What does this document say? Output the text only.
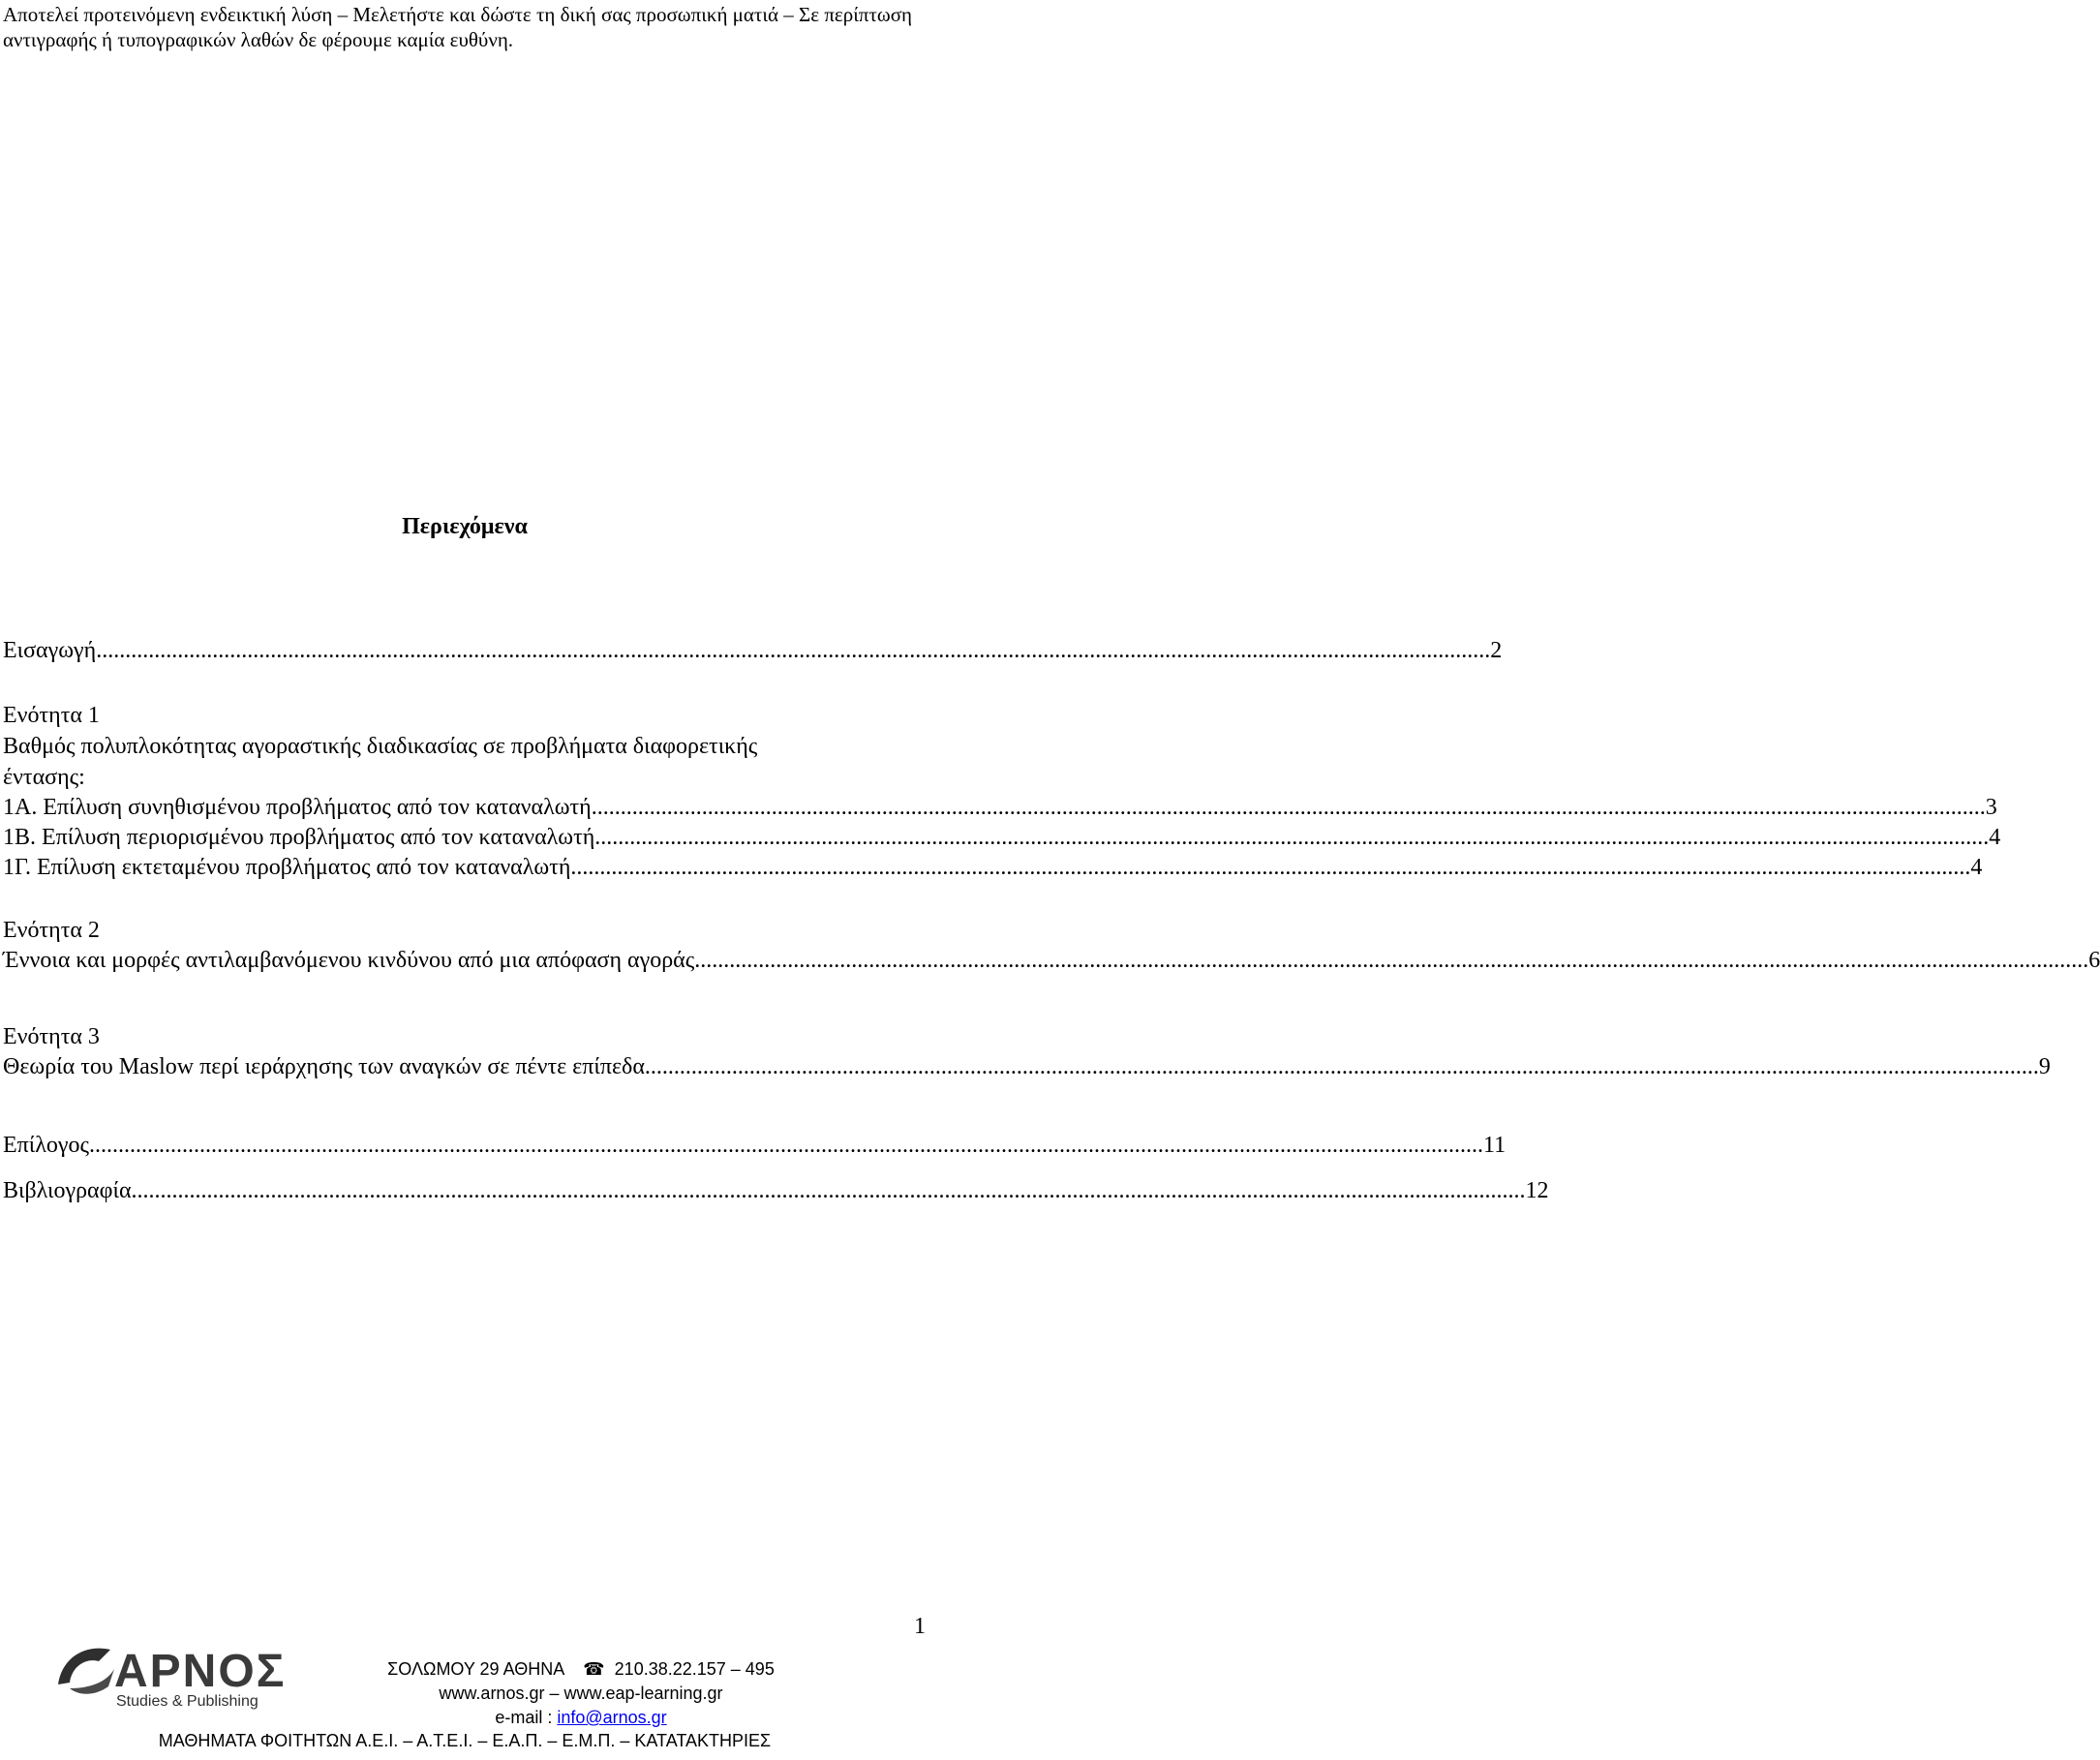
Αποτελεί προτεινόμενη ενδεικτική λύση – Μελετήστε και δώστε τη δική σας προσωπική ματιά – Σε περίπτωση αντιγραφής ή τυπογραφικών λαθών δε φέρουμε καμία ευθύνη.
Περιεχόμενα
Εισαγωγή .....	2
Ενότητα 1
Βαθμός πολυπλοκότητας αγοραστικής διαδικασίας σε προβλήματα διαφορετικής
έντασης:
1Α. Επίλυση συνηθισμένου προβλήματος από τον καταναλωτή .....	3
1Β. Επίλυση περιορισμένου προβλήματος από τον καταναλωτή .....	4
1Γ. Επίλυση εκτεταμένου προβλήματος από τον καταναλωτή. .....	4
Ενότητα 2
Έννοια και μορφές αντιλαμβανόμενου κινδύνου από μια απόφαση αγοράς .....	6
Ενότητα 3
Θεωρία του Maslow περί ιεράρχησης των αναγκών σε πέντε επίπεδα .....	9
Επίλογος .....	11
Βιβλιογραφία .....	12
1
ΑΡΝΟΣ
Studies & Publishing
ΣΟΛΩΜΟΥ 29 ΑΘΗΝΑ ☎ 210.38.22.157 – 495
www.arnos.gr – www.eap-learning.gr
e-mail : info@arnos.gr
ΜΑΘΗΜΑΤΑ ΦΟΙΤΗΤΩΝ Α.Ε.Ι. – Α.Τ.Ε.Ι. – Ε.Α.Π. – Ε.Μ.Π. – ΚΑΤΑΤΑΚΤΗΡΙΕΣ
